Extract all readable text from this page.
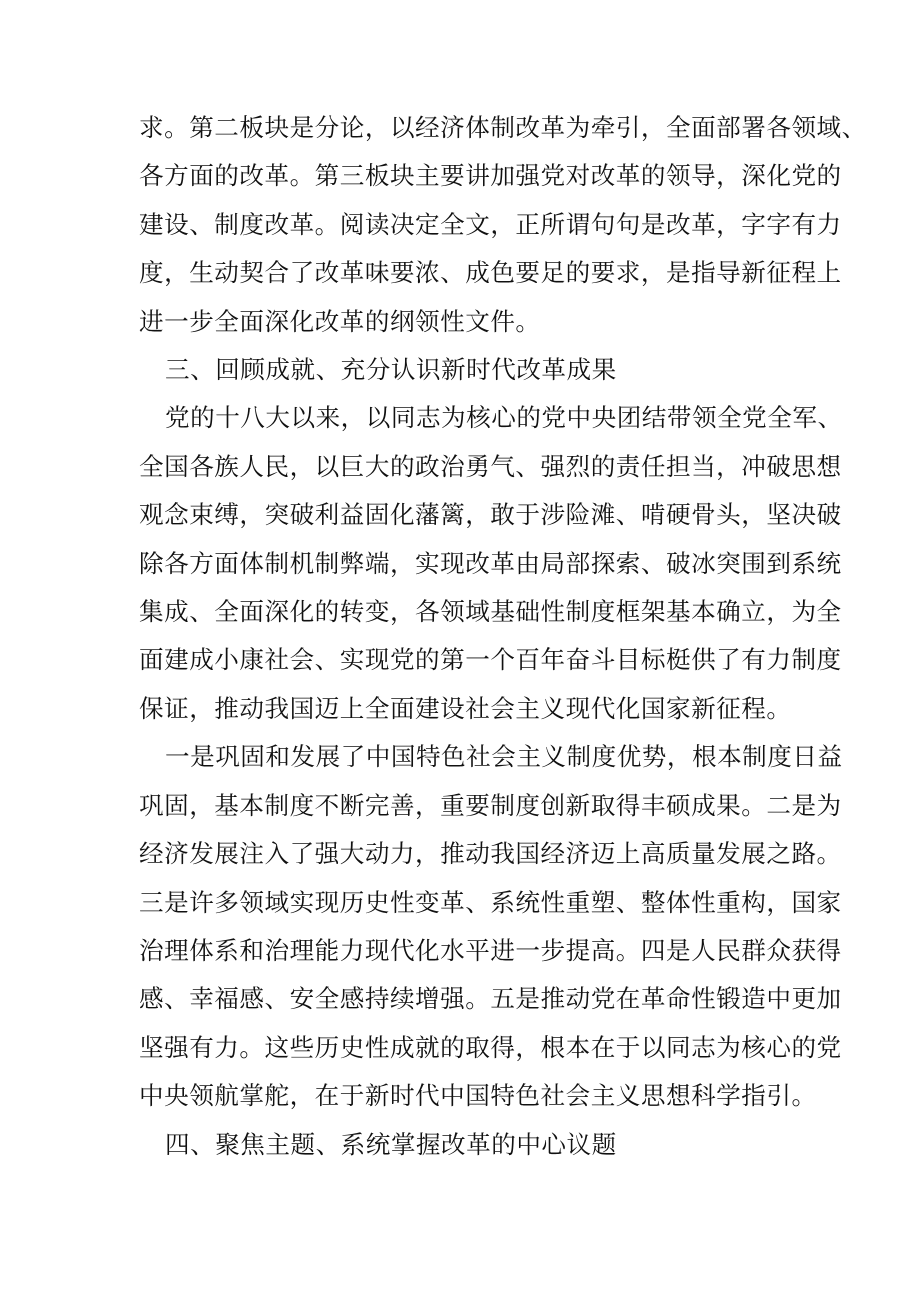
求。第二板块是分论，以经济体制改革为牵引，全面部署各领域、
各方面的改革。第三板块主要讲加强党对改革的领导，深化党的
建设、制度改革。阅读决定全文，正所谓句句是改革，字字有力
度，生动契合了改革味要浓、成色要足的要求，是指导新征程上
进一步全面深化改革的纲领性文件。
三、回顾成就、充分认识新时代改革成果
党的十八大以来，以同志为核心的党中央团结带领全党全军、
全国各族人民，以巨大的政治勇气、强烈的责任担当，冲破思想
观念束缚，突破利益固化藩篱，敢于涉险滩、啃硬骨头，坚决破
除各方面体制机制弊端，实现改革由局部探索、破冰突围到系统
集成、全面深化的转变，各领域基础性制度框架基本确立，为全
面建成小康社会、实现党的第一个百年奋斗目标梃供了有力制度
保证，推动我国迈上全面建设社会主义现代化国家新征程。
一是巩固和发展了中国特色社会主义制度优势，根本制度日益
巩固，基本制度不断完善，重要制度创新取得丰硕成果。二是为
经济发展注入了强大动力，推动我国经济迈上高质量发展之路。
三是许多领域实现历史性变革、系统性重塑、整体性重构，国家
治理体系和治理能力现代化水平进一步提高。四是人民群众获得
感、幸福感、安全感持续增强。五是推动党在革命性锻造中更加
坚强有力。这些历史性成就的取得，根本在于以同志为核心的党
中央领航掌舵，在于新时代中国特色社会主义思想科学指引。
四、聚焦主题、系统掌握改革的中心议题
